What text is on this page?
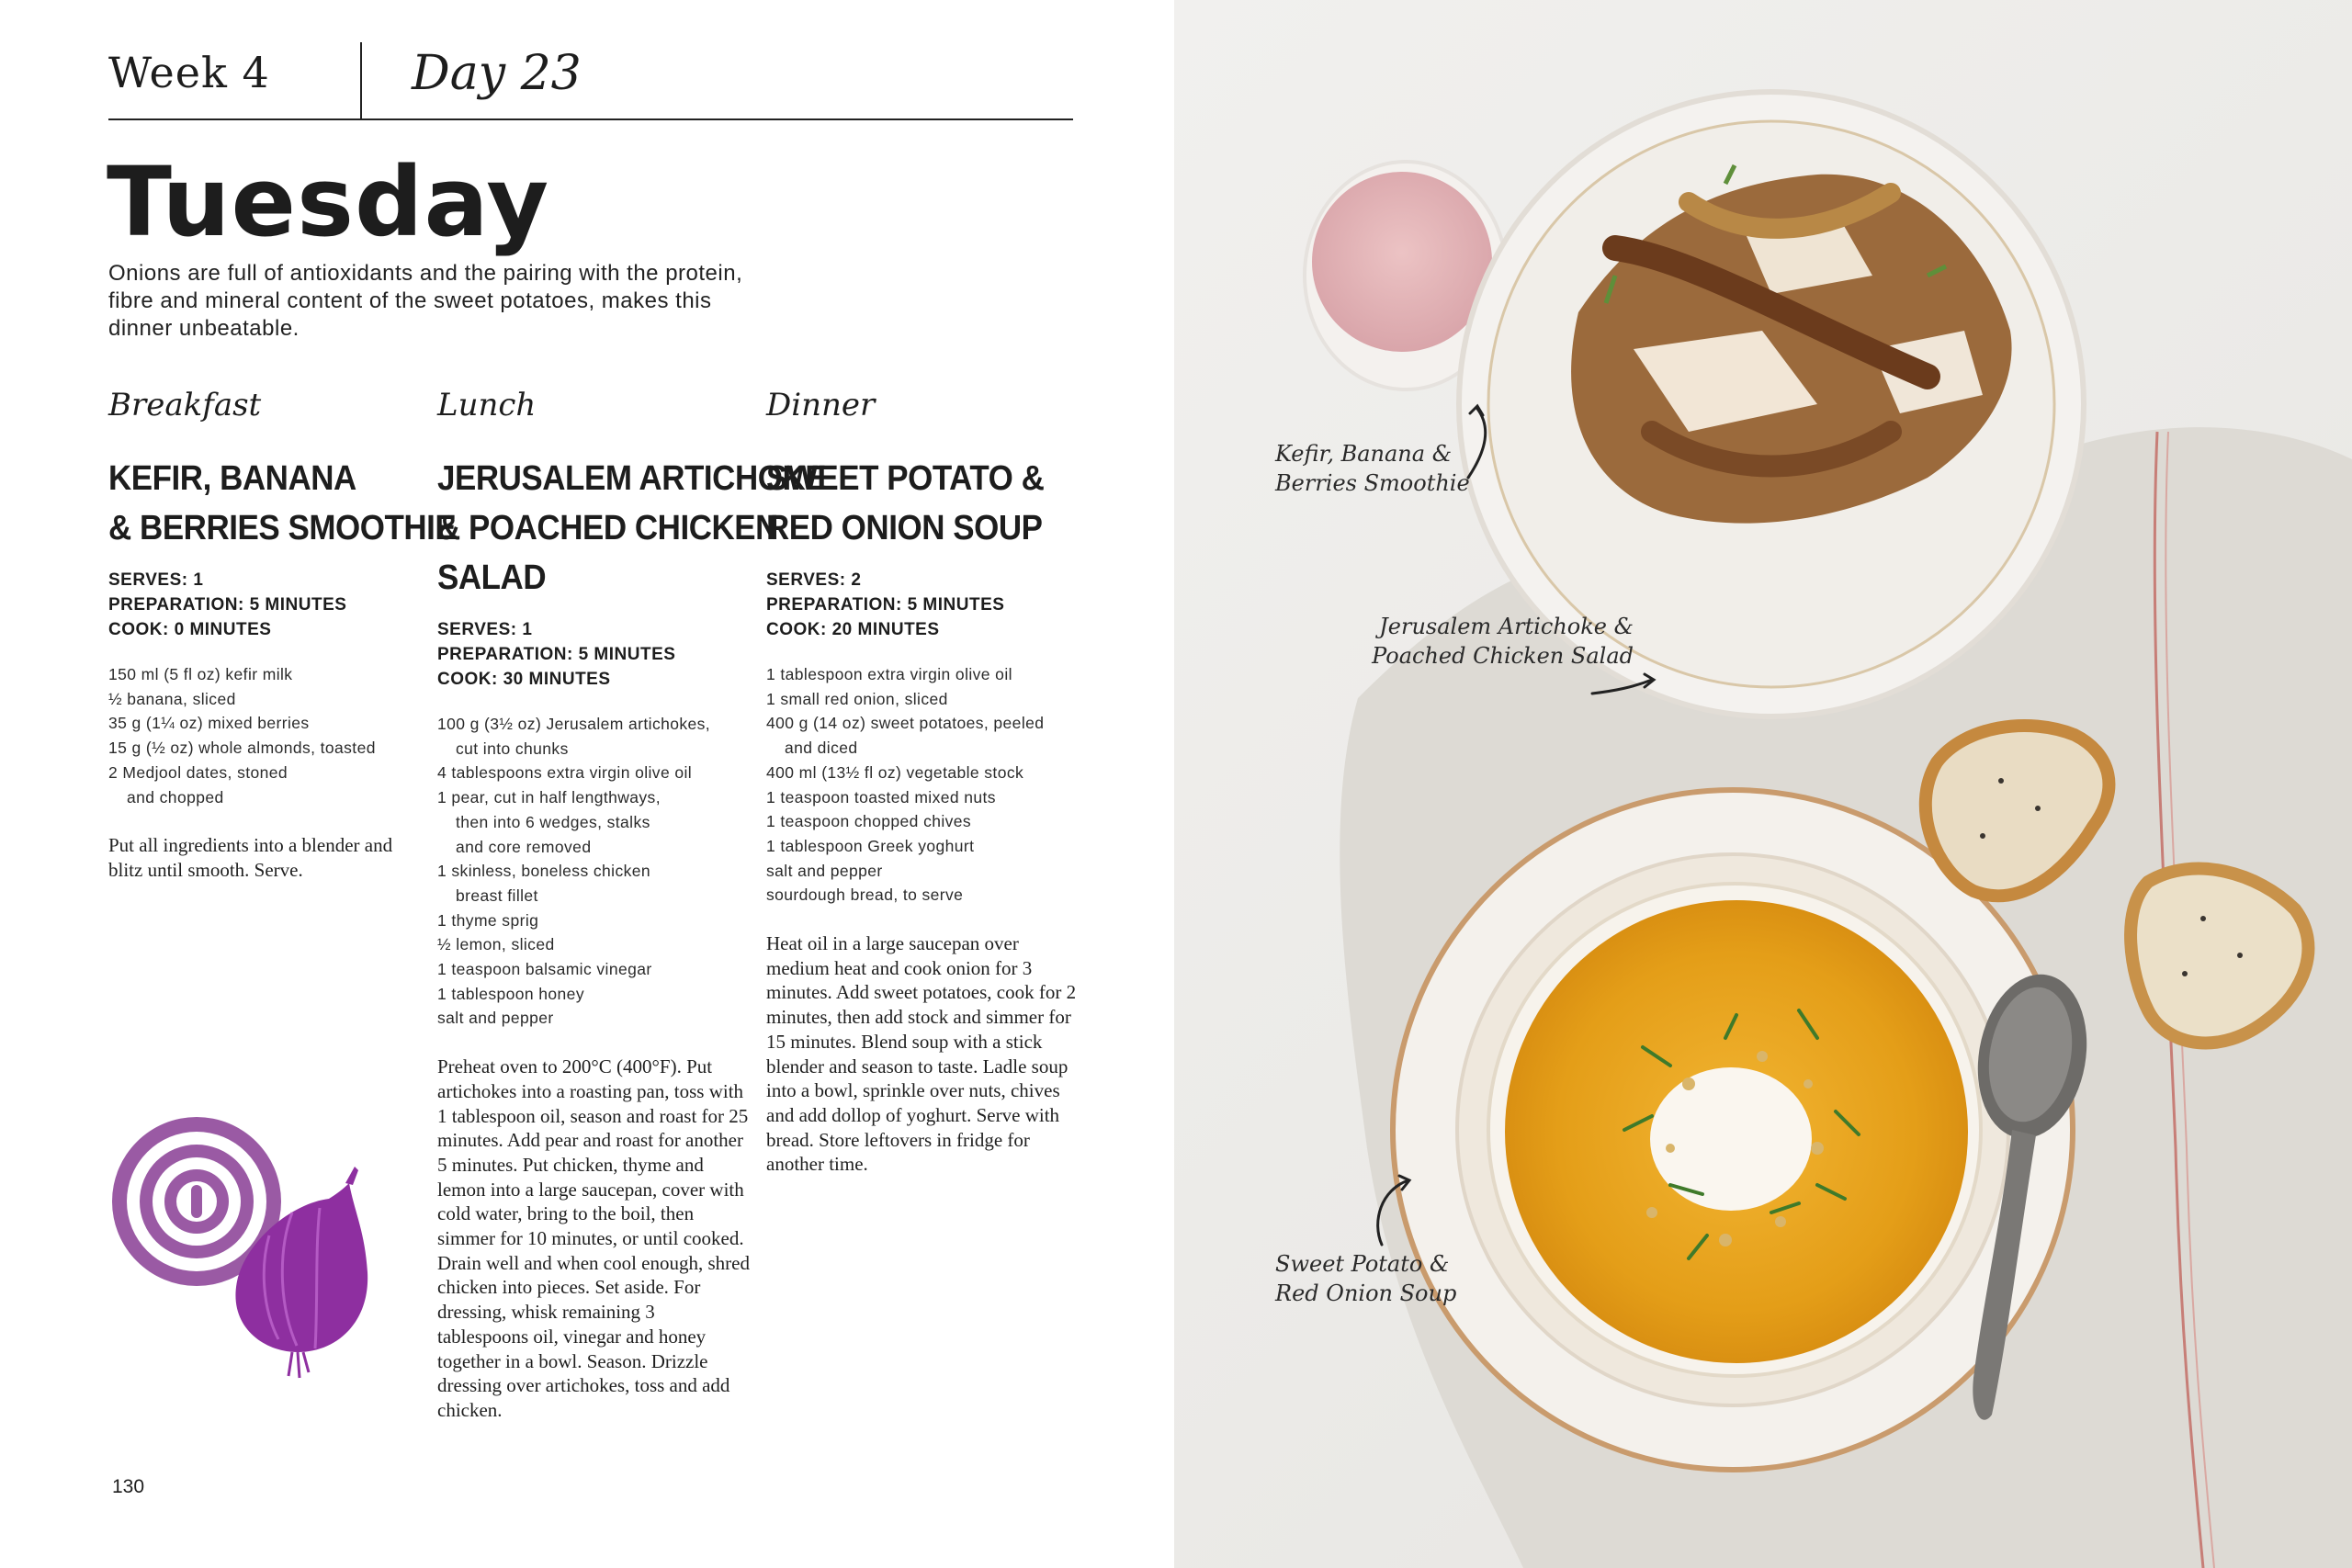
Week 4	Day 23
Tuesday
Onions are full of antioxidants and the pairing with the protein, fibre and mineral content of the sweet potatoes, makes this dinner unbeatable.
Breakfast
KEFIR, BANANA
& BERRIES SMOOTHIE
SERVES: 1
PREPARATION: 5 MINUTES
COOK: 0 MINUTES
150 ml (5 fl oz) kefir milk
½ banana, sliced
35 g (1¼ oz) mixed berries
15 g (½ oz) whole almonds, toasted
2 Medjool dates, stoned
and chopped
Put all ingredients into a blender and blitz until smooth. Serve.
Lunch
JERUSALEM ARTICHOKE
& POACHED CHICKEN
SALAD
SERVES: 1
PREPARATION: 5 MINUTES
COOK: 30 MINUTES
100 g (3½ oz) Jerusalem artichokes,
cut into chunks
4 tablespoons extra virgin olive oil
1 pear, cut in half lengthways,
then into 6 wedges, stalks
and core removed
1 skinless, boneless chicken
breast fillet
1 thyme sprig
½ lemon, sliced
1 teaspoon balsamic vinegar
1 tablespoon honey
salt and pepper
Preheat oven to 200°C (400°F). Put artichokes into a roasting pan, toss with 1 tablespoon oil, season and roast for 25 minutes. Add pear and roast for another 5 minutes. Put chicken, thyme and lemon into a large saucepan, cover with cold water, bring to the boil, then simmer for 10 minutes, or until cooked. Drain well and when cool enough, shred chicken into pieces. Set aside. For dressing, whisk remaining 3 tablespoons oil, vinegar and honey together in a bowl. Season. Drizzle dressing over artichokes, toss and add chicken.
Dinner
SWEET POTATO &
RED ONION SOUP
SERVES: 2
PREPARATION: 5 MINUTES
COOK: 20 MINUTES
1 tablespoon extra virgin olive oil
1 small red onion, sliced
400 g (14 oz) sweet potatoes, peeled
and diced
400 ml (13½ fl oz) vegetable stock
1 teaspoon toasted mixed nuts
1 teaspoon chopped chives
1 tablespoon Greek yoghurt
salt and pepper
sourdough bread, to serve
Heat oil in a large saucepan over medium heat and cook onion for 3 minutes. Add sweet potatoes, cook for 2 minutes, then add stock and simmer for 15 minutes. Blend soup with a stick blender and season to taste. Ladle soup into a bowl, sprinkle over nuts, chives and add dollop of yoghurt. Serve with bread. Store leftovers in fridge for another time.
130
Kefir, Banana &
Berries Smoothie
Jerusalem Artichoke &
Poached Chicken Salad
Sweet Potato &
Red Onion Soup
